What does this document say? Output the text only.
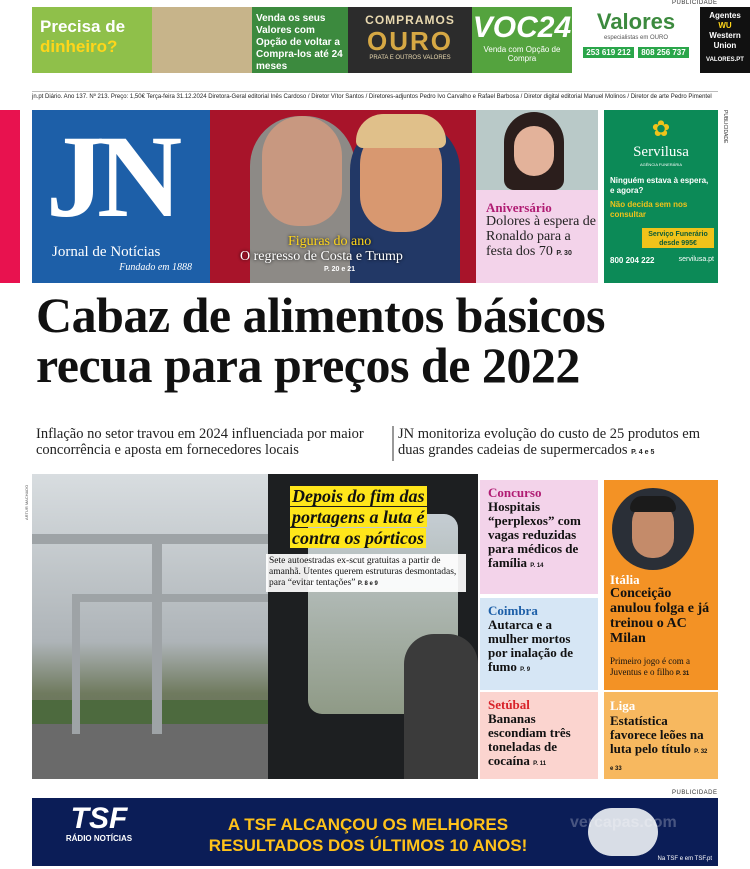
PUBLICIDADE
Precisa de
dinheiro?
Venda os seus Valores com Opção de voltar a Compra-los até 24 meses
COMPRAMOS
OURO
PRATA E OUTROS VALORES
VOC24
Venda com Opção de Compra
Valores
especialistas em OURO
253 619 212 808 256 737
Agentes
WU
Western
Union
VALORES.PT
jn.pt Diário. Ano 137. Nº 213. Preço: 1,50€ Terça-feira 31.12.2024 Diretora-Geral editorial Inês Cardoso / Diretor Vítor Santos / Diretores-adjuntos Pedro Ivo Carvalho e Rafael Barbosa / Diretor digital editorial Manuel Molinos / Diretor de arte Pedro Pimentel
JN
Jornal de Notícias
Fundado em 1888
Figuras do ano
O regresso de Costa e Trump
P. 20 e 21
Aniversário
Dolores à espera de Ronaldo para a festa dos 70 P. 30
✿
Servilusa
AGÊNCIA FUNERÁRIA
Ninguém estava à espera, e agora?
Não decida sem nos consultar
Serviço Funerário desde 995€
800 204 222	servilusa.pt
PUBLICIDADE
Cabaz de alimentos básicos recua para preços de 2022
Inflação no setor travou em 2024 influenciada por maior concorrência e aposta em fornecedores locais
JN monitoriza evolução do custo de 25 produtos em duas grandes cadeias de supermercados P. 4 e 5
ARTUR MACHADO	Depois do fim das portagens a luta é contra os pórticos
Sete autoestradas ex-scut gratuitas a partir de amanhã. Utentes querem estruturas desmontadas, para “evitar tentações” P. 8 e 9
Concurso
Hospitais “perplexos” com vagas reduzidas para médicos de família P. 14
Coimbra
Autarca e a mulher mortos por inalação de fumo P. 9
Setúbal
Bananas escondiam três toneladas de cocaína P. 11
Itália
Conceição anulou folga e já treinou o AC Milan
Primeiro jogo é com a Juventus e o filho P. 31
Liga
Estatística favorece leões na luta pelo título P. 32 e 33
PUBLICIDADE
TSF
RÁDIO NOTÍCIAS
A TSF ALCANÇOU OS MELHORES
RESULTADOS DOS ÚLTIMOS 10 ANOS!
Na TSF e em TSF.pt
vercapas.com
